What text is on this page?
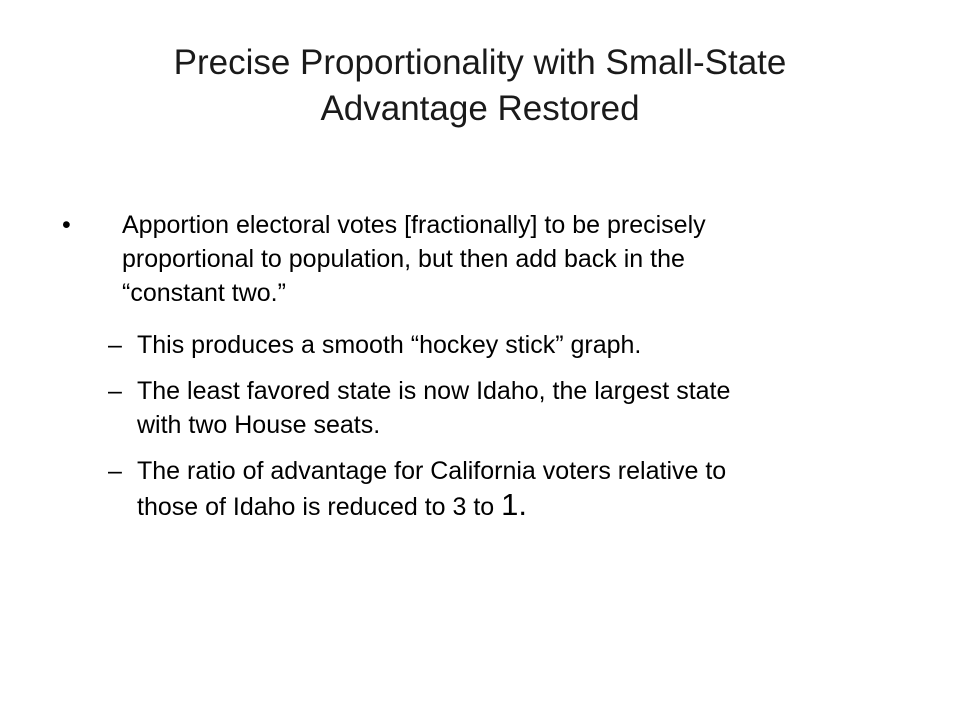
Precise Proportionality with Small-State
Advantage Restored
•	Apportion electoral votes [fractionally] to be precisely
proportional to population, but then add back in the
“constant two.”
– This produces a smooth “hockey stick” graph.
– The least favored state is now Idaho, the largest state
with two House seats.
– The ratio of advantage for California voters relative to
those of Idaho is reduced to 3 to 1.
